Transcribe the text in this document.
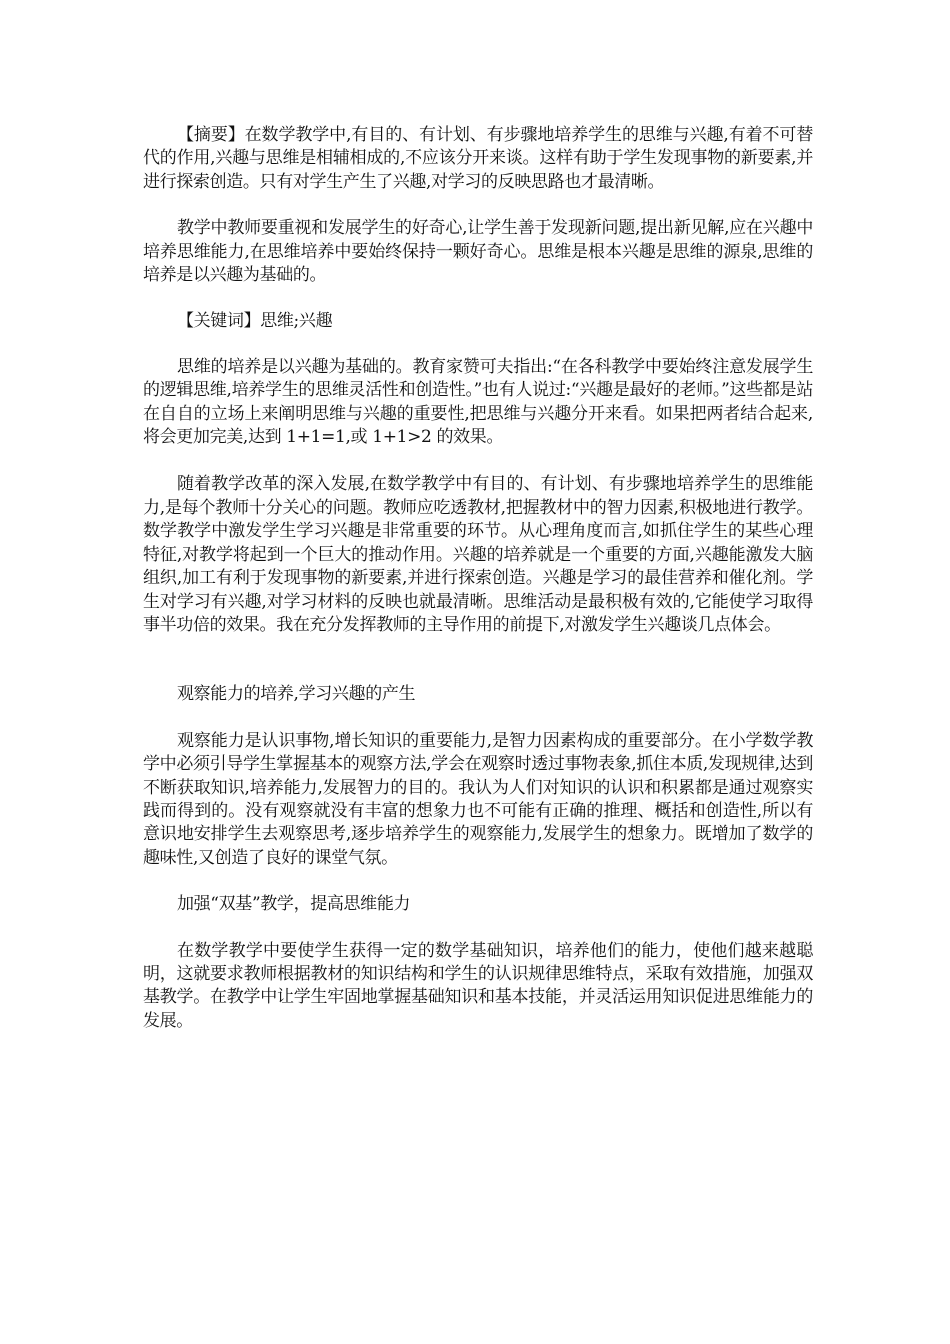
【摘要】在数学教学中,有目的、有计划、有步骤地培养学生的思维与兴趣,有着不可替代的作用,兴趣与思维是相辅相成的,不应该分开来谈。这样有助于学生发现事物的新要素,并进行探索创造。只有对学生产生了兴趣,对学习的反映思路也才最清晰。

教学中教师要重视和发展学生的好奇心,让学生善于发现新问题,提出新见解,应在兴趣中培养思维能力,在思维培养中要始终保持一颗好奇心。思维是根本兴趣是思维的源泉,思维的培养是以兴趣为基础的。

【关键词】思维;兴趣

思维的培养是以兴趣为基础的。教育家赞可夫指出:“在各科教学中要始终注意发展学生的逻辑思维,培养学生的思维灵活性和创造性。”也有人说过:“兴趣是最好的老师。”这些都是站在自自的立场上来阐明思维与兴趣的重要性,把思维与兴趣分开来看。如果把两者结合起来,将会更加完美,达到 1+1=1,或 1+1>2 的效果。

随着教学改革的深入发展,在数学教学中有目的、有计划、有步骤地培养学生的思维能力,是每个教师十分关心的问题。教师应吃透教材,把握教材中的智力因素,积极地进行教学。数学教学中激发学生学习兴趣是非常重要的环节。从心理角度而言,如抓住学生的某些心理特征,对教学将起到一个巨大的推动作用。兴趣的培养就是一个重要的方面,兴趣能激发大脑组织,加工有利于发现事物的新要素,并进行探索创造。兴趣是学习的最佳营养和催化剂。学生对学习有兴趣,对学习材料的反映也就最清晰。思维活动是最积极有效的,它能使学习取得事半功倍的效果。我在充分发挥教师的主导作用的前提下,对激发学生兴趣谈几点体会。

观察能力的培养,学习兴趣的产生

观察能力是认识事物,增长知识的重要能力,是智力因素构成的重要部分。在小学数学教学中必须引导学生掌握基本的观察方法,学会在观察时透过事物表象,抓住本质,发现规律,达到不断获取知识,培养能力,发展智力的目的。我认为人们对知识的认识和积累都是通过观察实践而得到的。没有观察就没有丰富的想象力也不可能有正确的推理、概括和创造性,所以有意识地安排学生去观察思考,逐步培养学生的观察能力,发展学生的想象力。既增加了数学的趣味性,又创造了良好的课堂气氛。

加强“双基”教学，提高思维能力

在数学教学中要使学生获得一定的数学基础知识，培养他们的能力，使他们越来越聪明，这就要求教师根据教材的知识结构和学生的认识规律思维特点，采取有效措施，加强双基教学。在教学中让学生牢固地掌握基础知识和基本技能，并灵活运用知识促进思维能力的发展。
